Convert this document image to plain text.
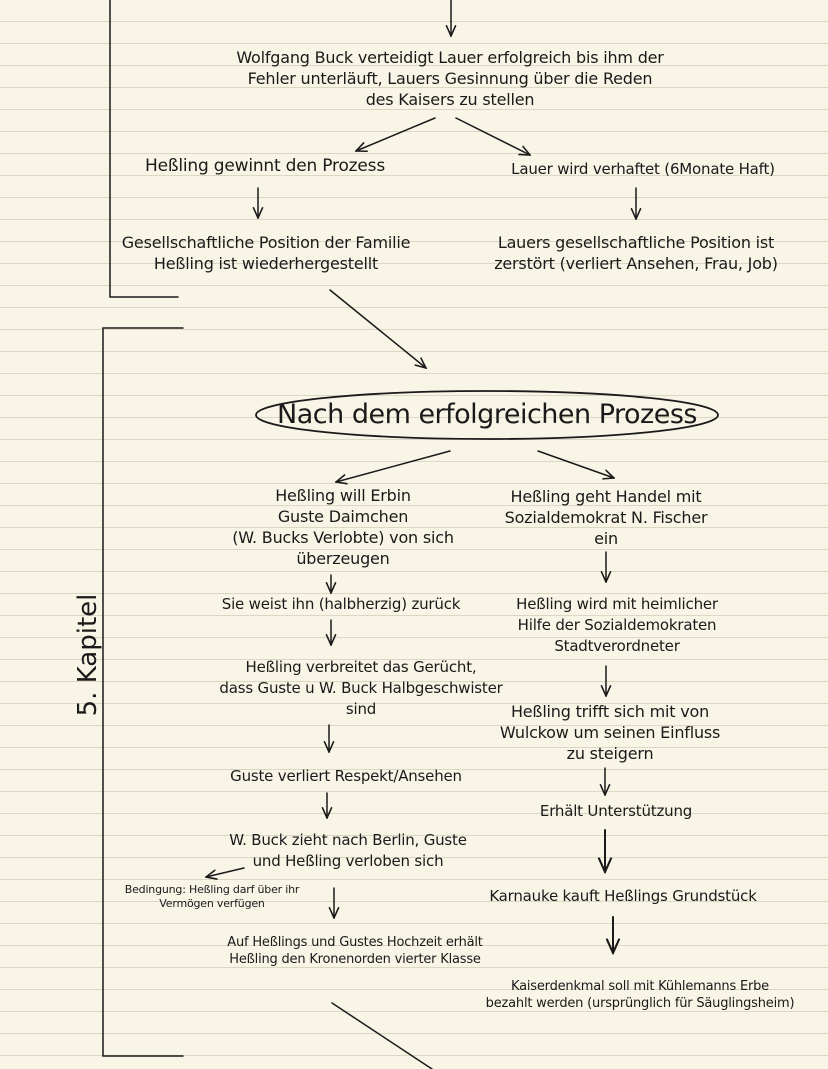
Wolfgang Buck verteidigt Lauer erfolgreich bis ihm der
Fehler unterläuft, Lauers Gesinnung über die Reden
des Kaisers zu stellen
Heßling gewinnt den Prozess	Lauer wird verhaftet (6Monate Haft)
Gesellschaftliche Position der Familie
Heßling ist wiederhergestellt
Lauers gesellschaftliche Position ist
zerstört (verliert Ansehen, Frau, Job)
5. Kapitel
Nach dem erfolgreichen Prozess
Heßling will Erbin
Guste Daimchen
(W. Bucks Verlobte) von sich
überzeugen
Sie weist ihn (halbherzig) zurück
Heßling verbreitet das Gerücht,
dass Guste u W. Buck Halbgeschwister
sind
Guste verliert Respekt/Ansehen
W. Buck zieht nach Berlin, Guste
und Heßling verloben sich
Bedingung: Heßling darf über ihr
Vermögen verfügen
Auf Heßlings und Gustes Hochzeit erhält
Heßling den Kronenorden vierter Klasse
Heßling geht Handel mit
Sozialdemokrat N. Fischer
ein
Heßling wird mit heimlicher
Hilfe der Sozialdemokraten
Stadtverordneter
Heßling trifft sich mit von
Wulckow um seinen Einfluss
zu steigern
Erhält Unterstützung
Karnauke kauft Heßlings Grundstück
Kaiserdenkmal soll mit Kühlemanns Erbe
bezahlt werden (ursprünglich für Säuglingsheim)
